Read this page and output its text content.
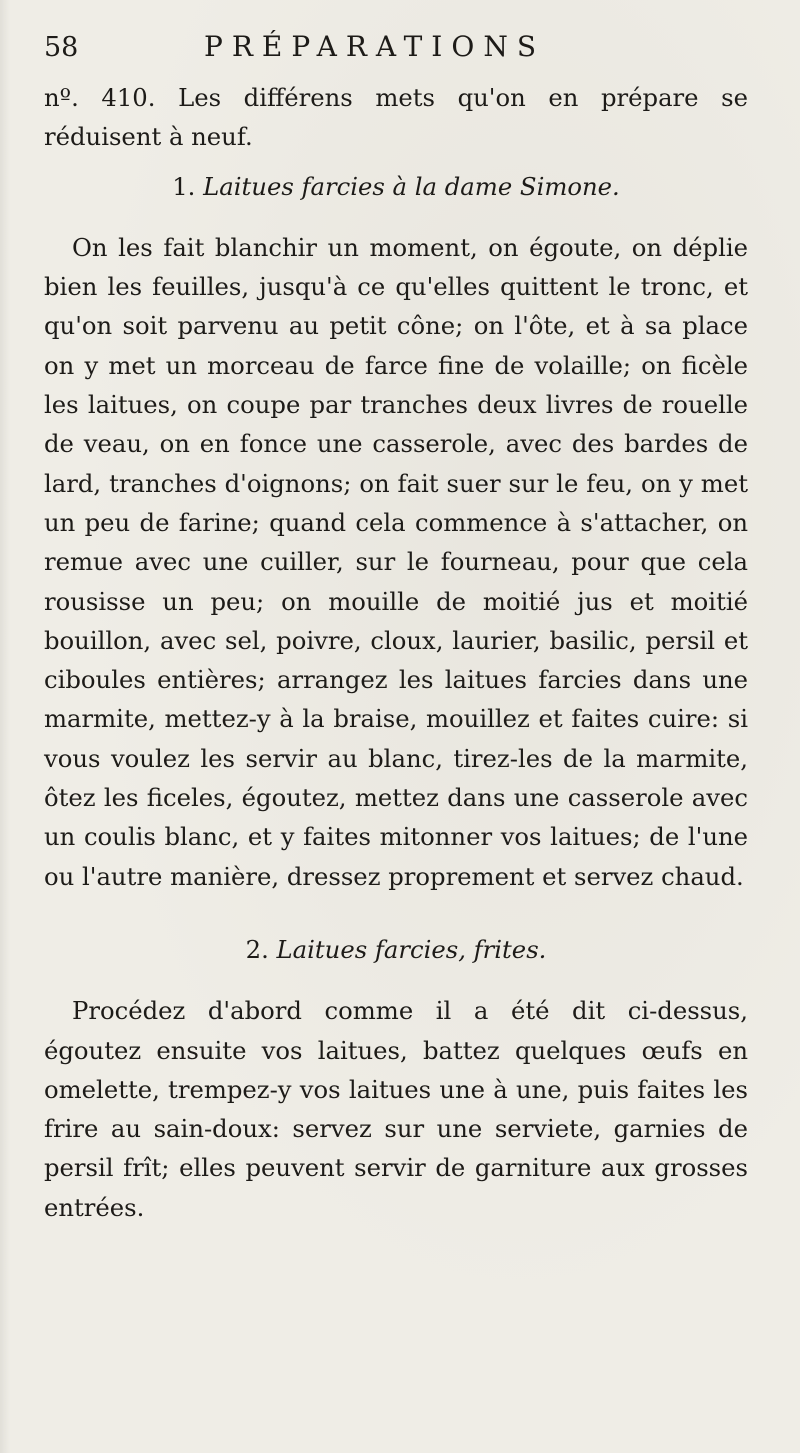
58	PRÉPARATIONS

nº. 410. Les différens mets qu'on en prépare se réduisent à neuf.

1. Laitues farcies à la dame Simone.

On les fait blanchir un moment, on égoute, on déplie bien les feuilles, jusqu'à ce qu'elles quittent le tronc, et qu'on soit parvenu au petit cône; on l'ôte, et à sa place on y met un morceau de farce fine de volaille; on ficèle les laitues, on coupe par tranches deux livres de rouelle de veau, on en fonce une casserole, avec des bardes de lard, tranches d'oignons; on fait suer sur le feu, on y met un peu de farine; quand cela commence à s'attacher, on remue avec une cuiller, sur le fourneau, pour que cela rousisse un peu; on mouille de moitié jus et moitié bouillon, avec sel, poivre, cloux, laurier, basilic, persil et ciboules entières; arrangez les laitues farcies dans une marmite, mettez-y à la braise, mouillez et faites cuire: si vous voulez les servir au blanc, tirez-les de la marmite, ôtez les ficeles, égoutez, mettez dans une casserole avec un coulis blanc, et y faites mitonner vos laitues; de l'une ou l'autre manière, dressez proprement et servez chaud.

2. Laitues farcies, frites.

Procédez d'abord comme il a été dit ci-dessus, égoutez ensuite vos laitues, battez quelques œufs en omelette, trempez-y vos laitues une à une, puis faites les frire au sain-doux: servez sur une serviete, garnies de persil frît; elles peuvent servir de garniture aux grosses entrées.
